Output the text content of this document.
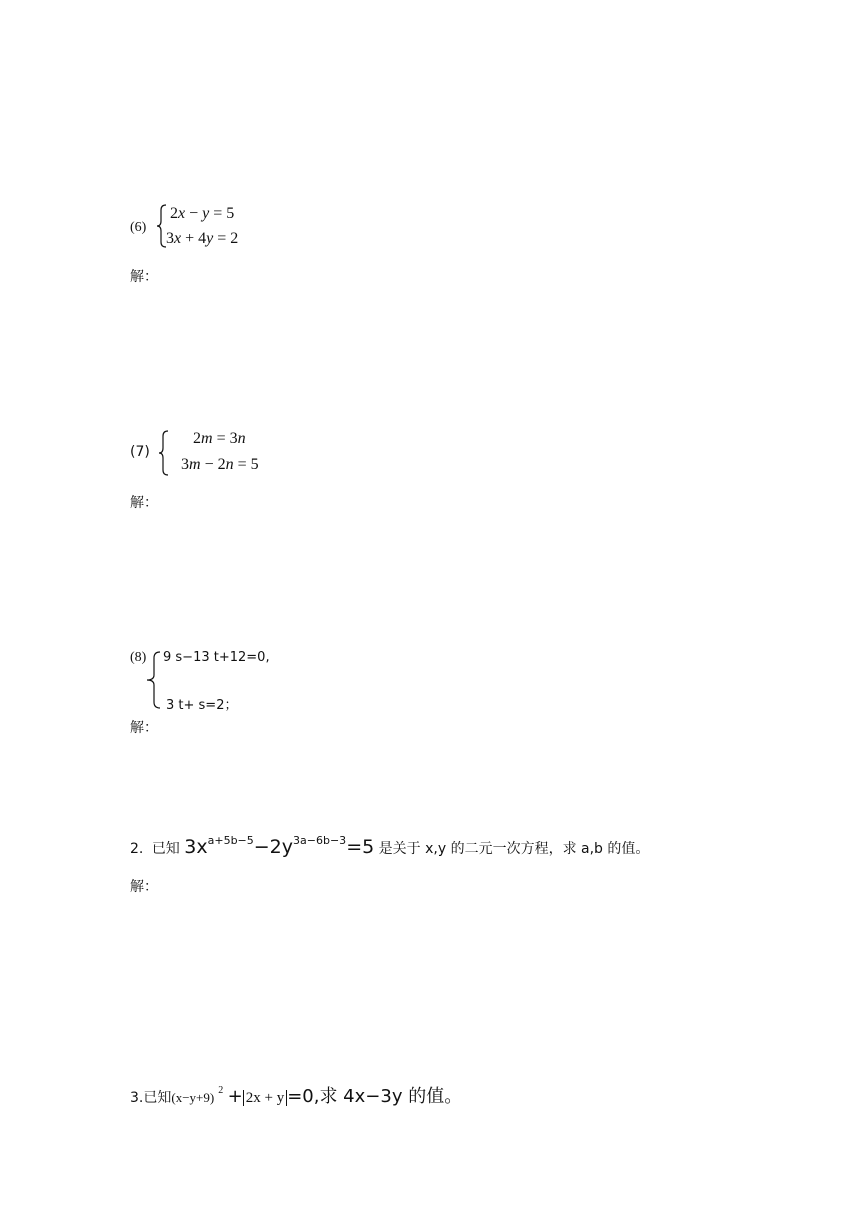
(6)
2x − y = 5
3x + 4y = 2
解：
(7)
2m = 3n
3m − 2n = 5
解：
(8) 9 s−13 t+12=0,
3 t+ s=2；
解：
2. 已知 $3x^{a+5b-5}-2y^{3a-6b-3}=5$ 是关于 x,y 的二元一次方程，求 a,b 的值。
解：
3.已知(x−y+9) $^2$ + 2x + y =0,求 4x−3y 的值。
